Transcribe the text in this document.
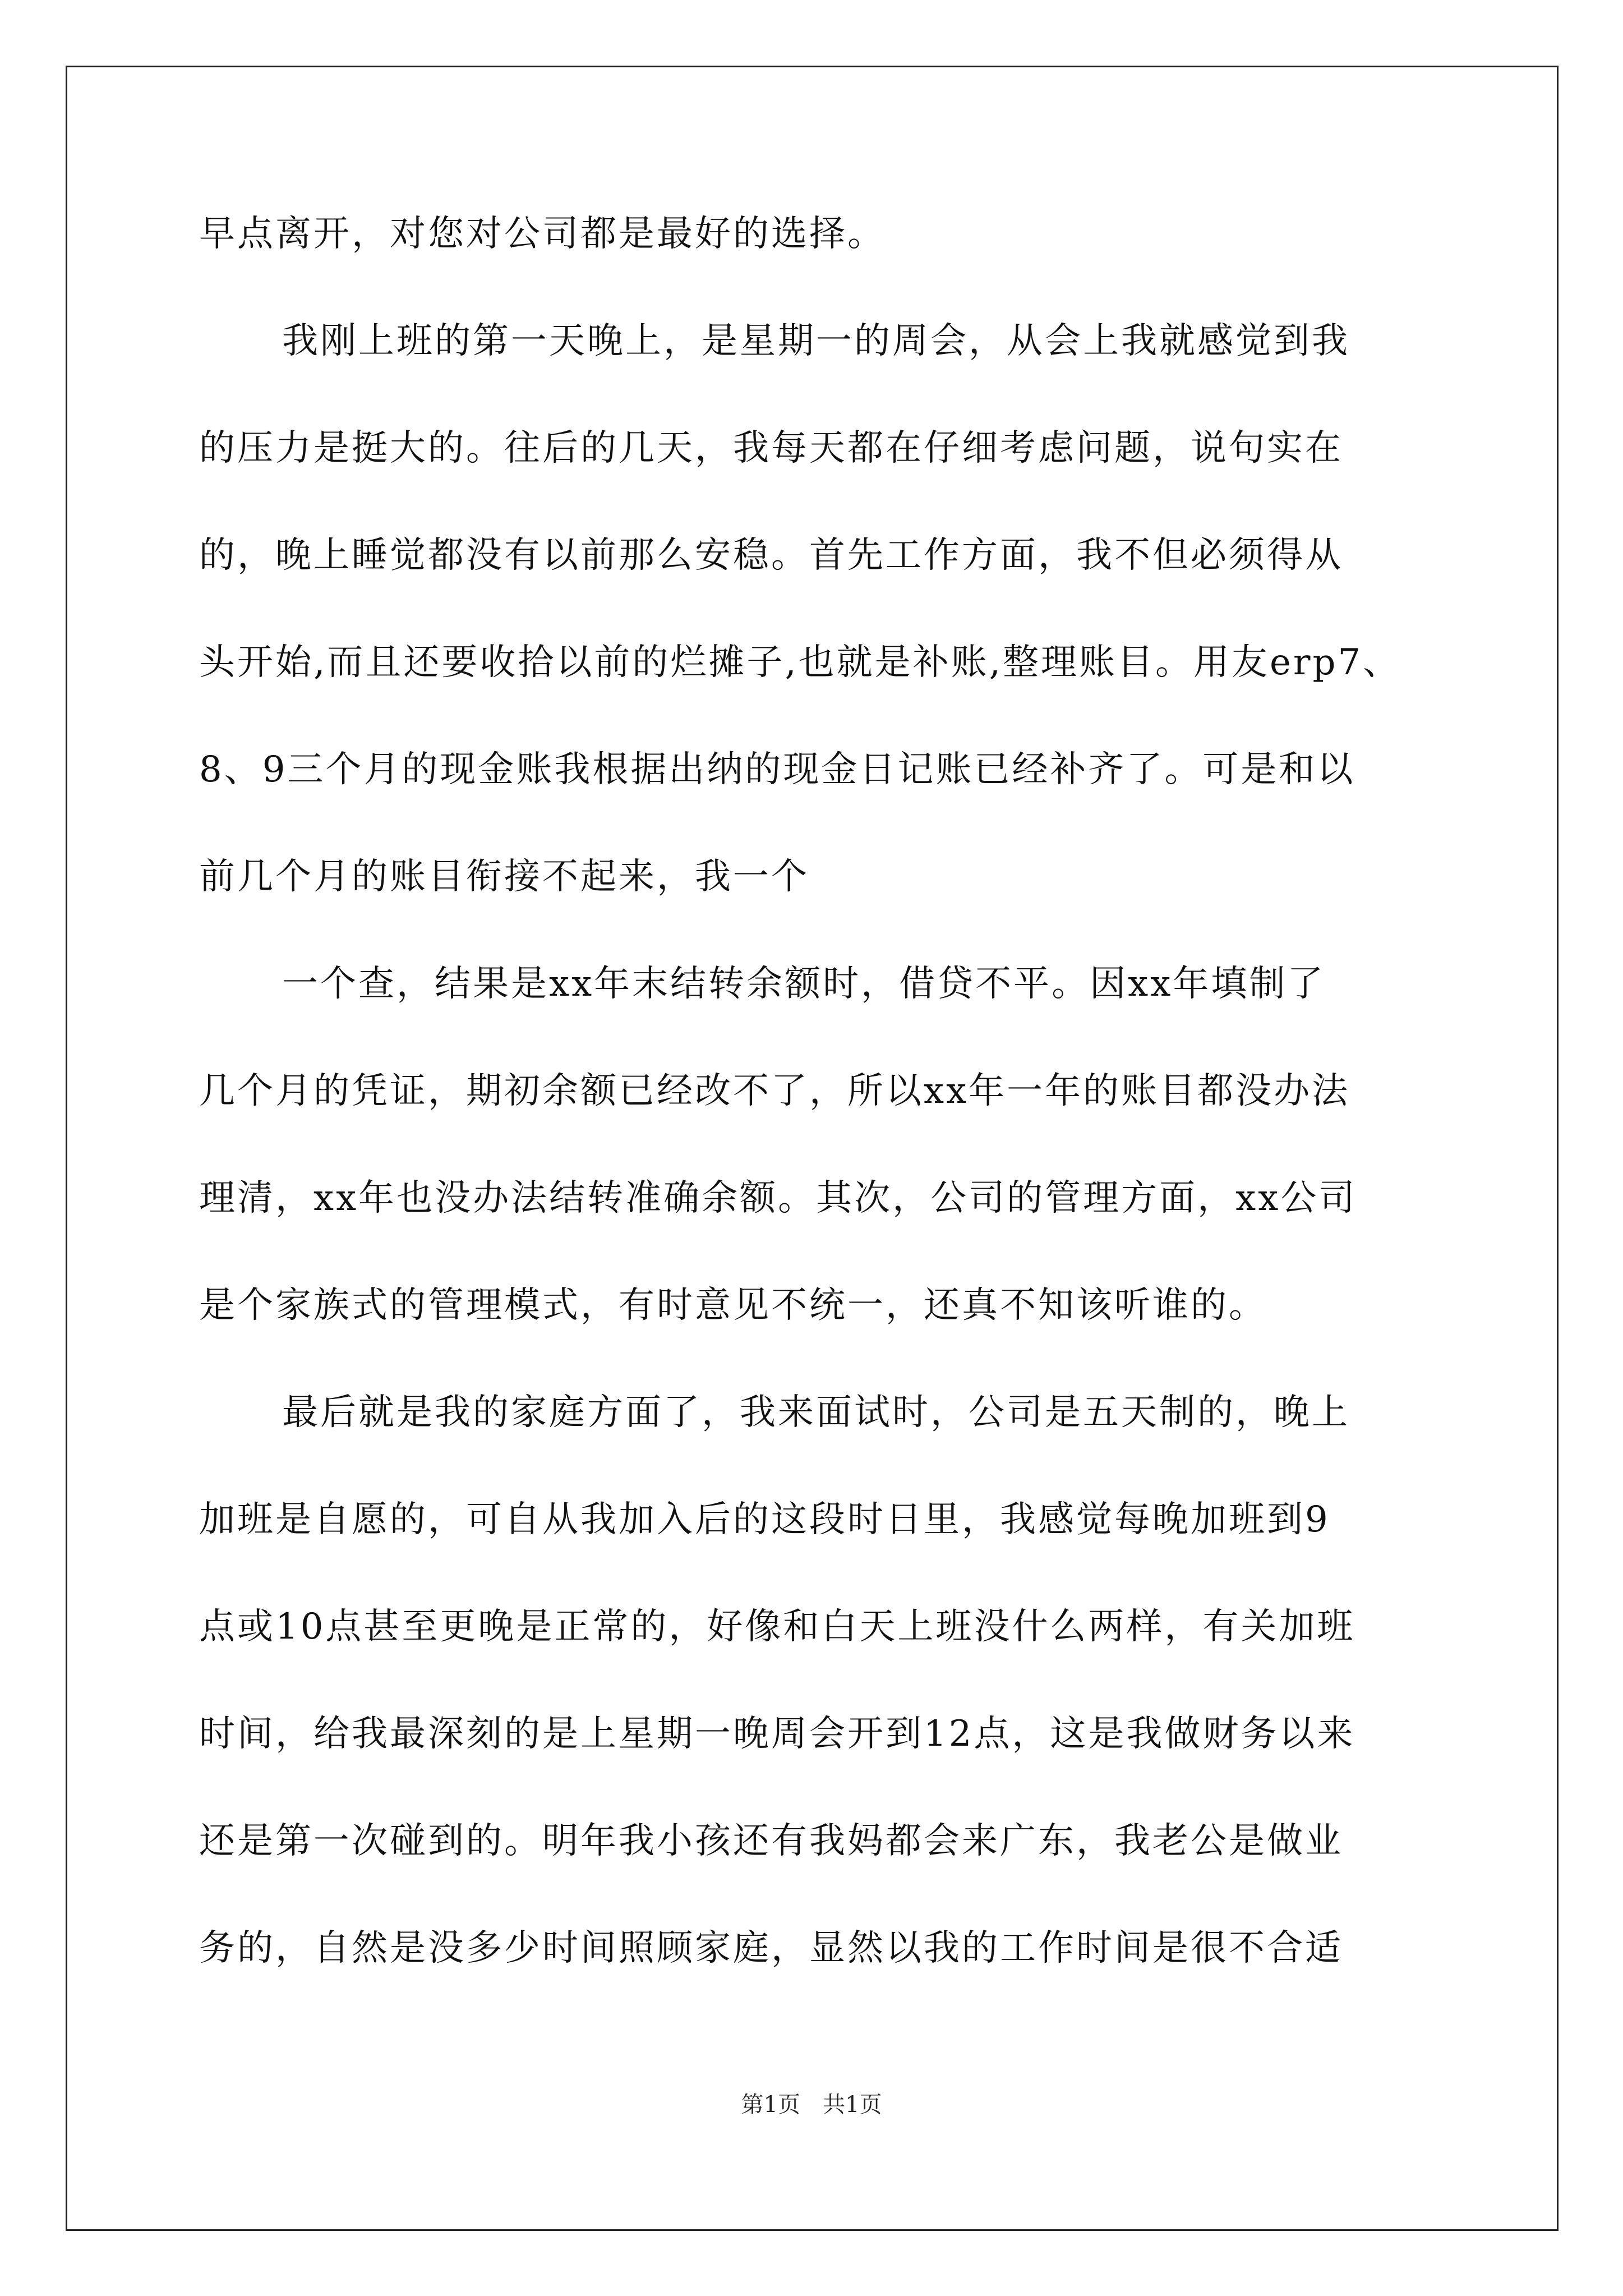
早点离开，对您对公司都是最好的选择。
我刚上班的第一天晚上，是星期一的周会，从会上我就感觉到我
的压力是挺大的。往后的几天，我每天都在仔细考虑问题，说句实在
的，晚上睡觉都没有以前那么安稳。首先工作方面，我不但必须得从
头开始,而且还要收拾以前的烂摊子,也就是补账,整理账目。用友erp7、
8、9三个月的现金账我根据出纳的现金日记账已经补齐了。可是和以
前几个月的账目衔接不起来，我一个
一个查，结果是xx年末结转余额时，借贷不平。因xx年填制了
几个月的凭证，期初余额已经改不了，所以xx年一年的账目都没办法
理清，xx年也没办法结转准确余额。其次，公司的管理方面，xx公司
是个家族式的管理模式，有时意见不统一，还真不知该听谁的。
最后就是我的家庭方面了，我来面试时，公司是五天制的，晚上
加班是自愿的，可自从我加入后的这段时日里，我感觉每晚加班到9
点或10点甚至更晚是正常的，好像和白天上班没什么两样，有关加班
时间，给我最深刻的是上星期一晚周会开到12点，这是我做财务以来
还是第一次碰到的。明年我小孩还有我妈都会来广东，我老公是做业
务的，自然是没多少时间照顾家庭，显然以我的工作时间是很不合适
第1页　共1页
